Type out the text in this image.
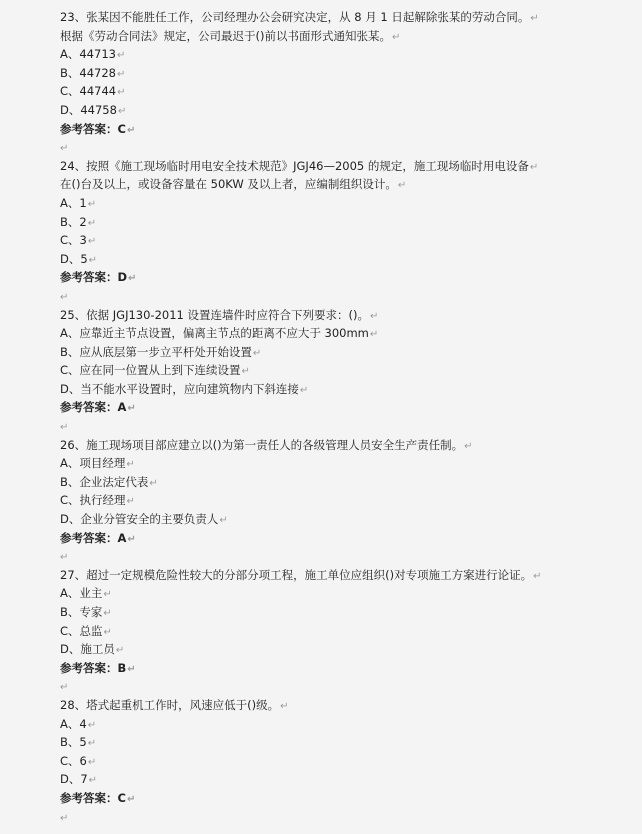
23、张某因不能胜任工作，公司经理办公会研究决定，从 8 月 1 日起解除张某的劳动合同。↵
根据《劳动合同法》规定，公司最迟于()前以书面形式通知张某。↵
A、44713↵
B、44728↵
C、44744↵
D、44758↵
参考答案：C↵
↵
24、按照《施工现场临时用电安全技术规范》JGJ46—2005 的规定，施工现场临时用电设备↵
在()台及以上，或设备容量在 50KW 及以上者，应编制组织设计。↵
A、1↵
B、2↵
C、3↵
D、5↵
参考答案：D↵
↵
25、依据 JGJ130-2011 设置连墙件时应符合下列要求：()。↵
A、应靠近主节点设置，偏离主节点的距离不应大于 300mm↵
B、应从底层第一步立平杆处开始设置↵
C、应在同一位置从上到下连续设置↵
D、当不能水平设置时，应向建筑物内下斜连接↵
参考答案：A↵
↵
26、施工现场项目部应建立以()为第一责任人的各级管理人员安全生产责任制。↵
A、项目经理↵
B、企业法定代表↵
C、执行经理↵
D、企业分管安全的主要负责人↵
参考答案：A↵
↵
27、超过一定规模危险性较大的分部分项工程，施工单位应组织()对专项施工方案进行论证。↵
A、业主↵
B、专家↵
C、总监↵
D、施工员↵
参考答案：B↵
↵
28、塔式起重机工作时，风速应低于()级。↵
A、4↵
B、5↵
C、6↵
D、7↵
参考答案：C↵
↵
